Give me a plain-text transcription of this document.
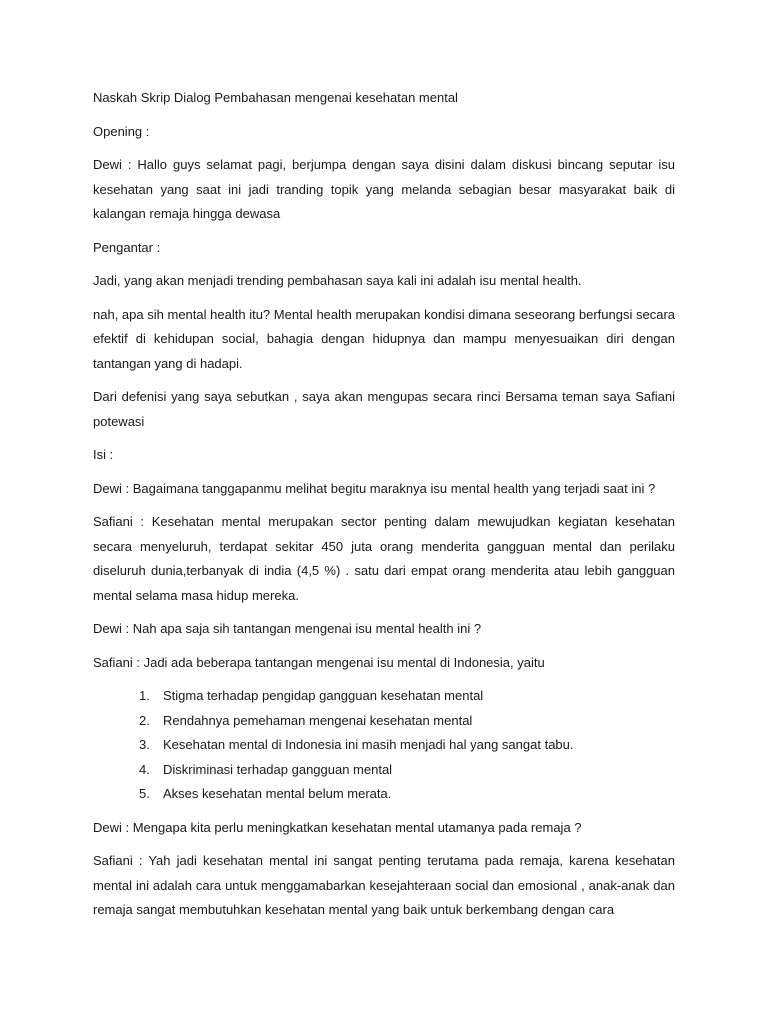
Naskah Skrip Dialog Pembahasan mengenai kesehatan mental

Opening :

Dewi : Hallo guys selamat pagi, berjumpa dengan saya disini dalam diskusi bincang seputar isu kesehatan yang saat ini jadi tranding topik yang melanda sebagian besar masyarakat baik di kalangan remaja hingga dewasa

Pengantar :

Jadi, yang akan menjadi trending pembahasan saya kali ini adalah isu mental health.

nah, apa sih mental health itu? Mental health merupakan kondisi dimana seseorang berfungsi secara efektif di kehidupan social, bahagia dengan hidupnya dan mampu menyesuaikan diri dengan tantangan yang di hadapi.

Dari defenisi yang saya sebutkan , saya akan mengupas secara rinci Bersama teman saya Safiani potewasi

Isi :

Dewi : Bagaimana tanggapanmu melihat begitu maraknya isu mental health yang terjadi saat ini ?

Safiani : Kesehatan mental merupakan sector penting dalam mewujudkan kegiatan kesehatan secara menyeluruh, terdapat sekitar 450 juta orang menderita gangguan mental dan perilaku diseluruh dunia,terbanyak di india (4,5 %) . satu dari empat orang menderita atau lebih gangguan mental selama masa hidup mereka.

Dewi : Nah apa saja sih tantangan mengenai isu mental health ini ?

Safiani : Jadi ada beberapa tantangan mengenai isu mental di Indonesia, yaitu

1. Stigma terhadap pengidap gangguan kesehatan mental
2. Rendahnya pemehaman mengenai kesehatan mental
3. Kesehatan mental di Indonesia ini masih menjadi hal yang sangat tabu.
4. Diskriminasi terhadap gangguan mental
5. Akses kesehatan mental belum merata.

Dewi : Mengapa kita perlu meningkatkan kesehatan mental utamanya pada remaja ?

Safiani : Yah jadi kesehatan mental ini sangat penting terutama pada remaja, karena kesehatan mental ini adalah cara untuk menggamabarkan kesejahteraan social dan emosional , anak-anak dan remaja sangat membutuhkan kesehatan mental yang baik untuk berkembang dengan cara
